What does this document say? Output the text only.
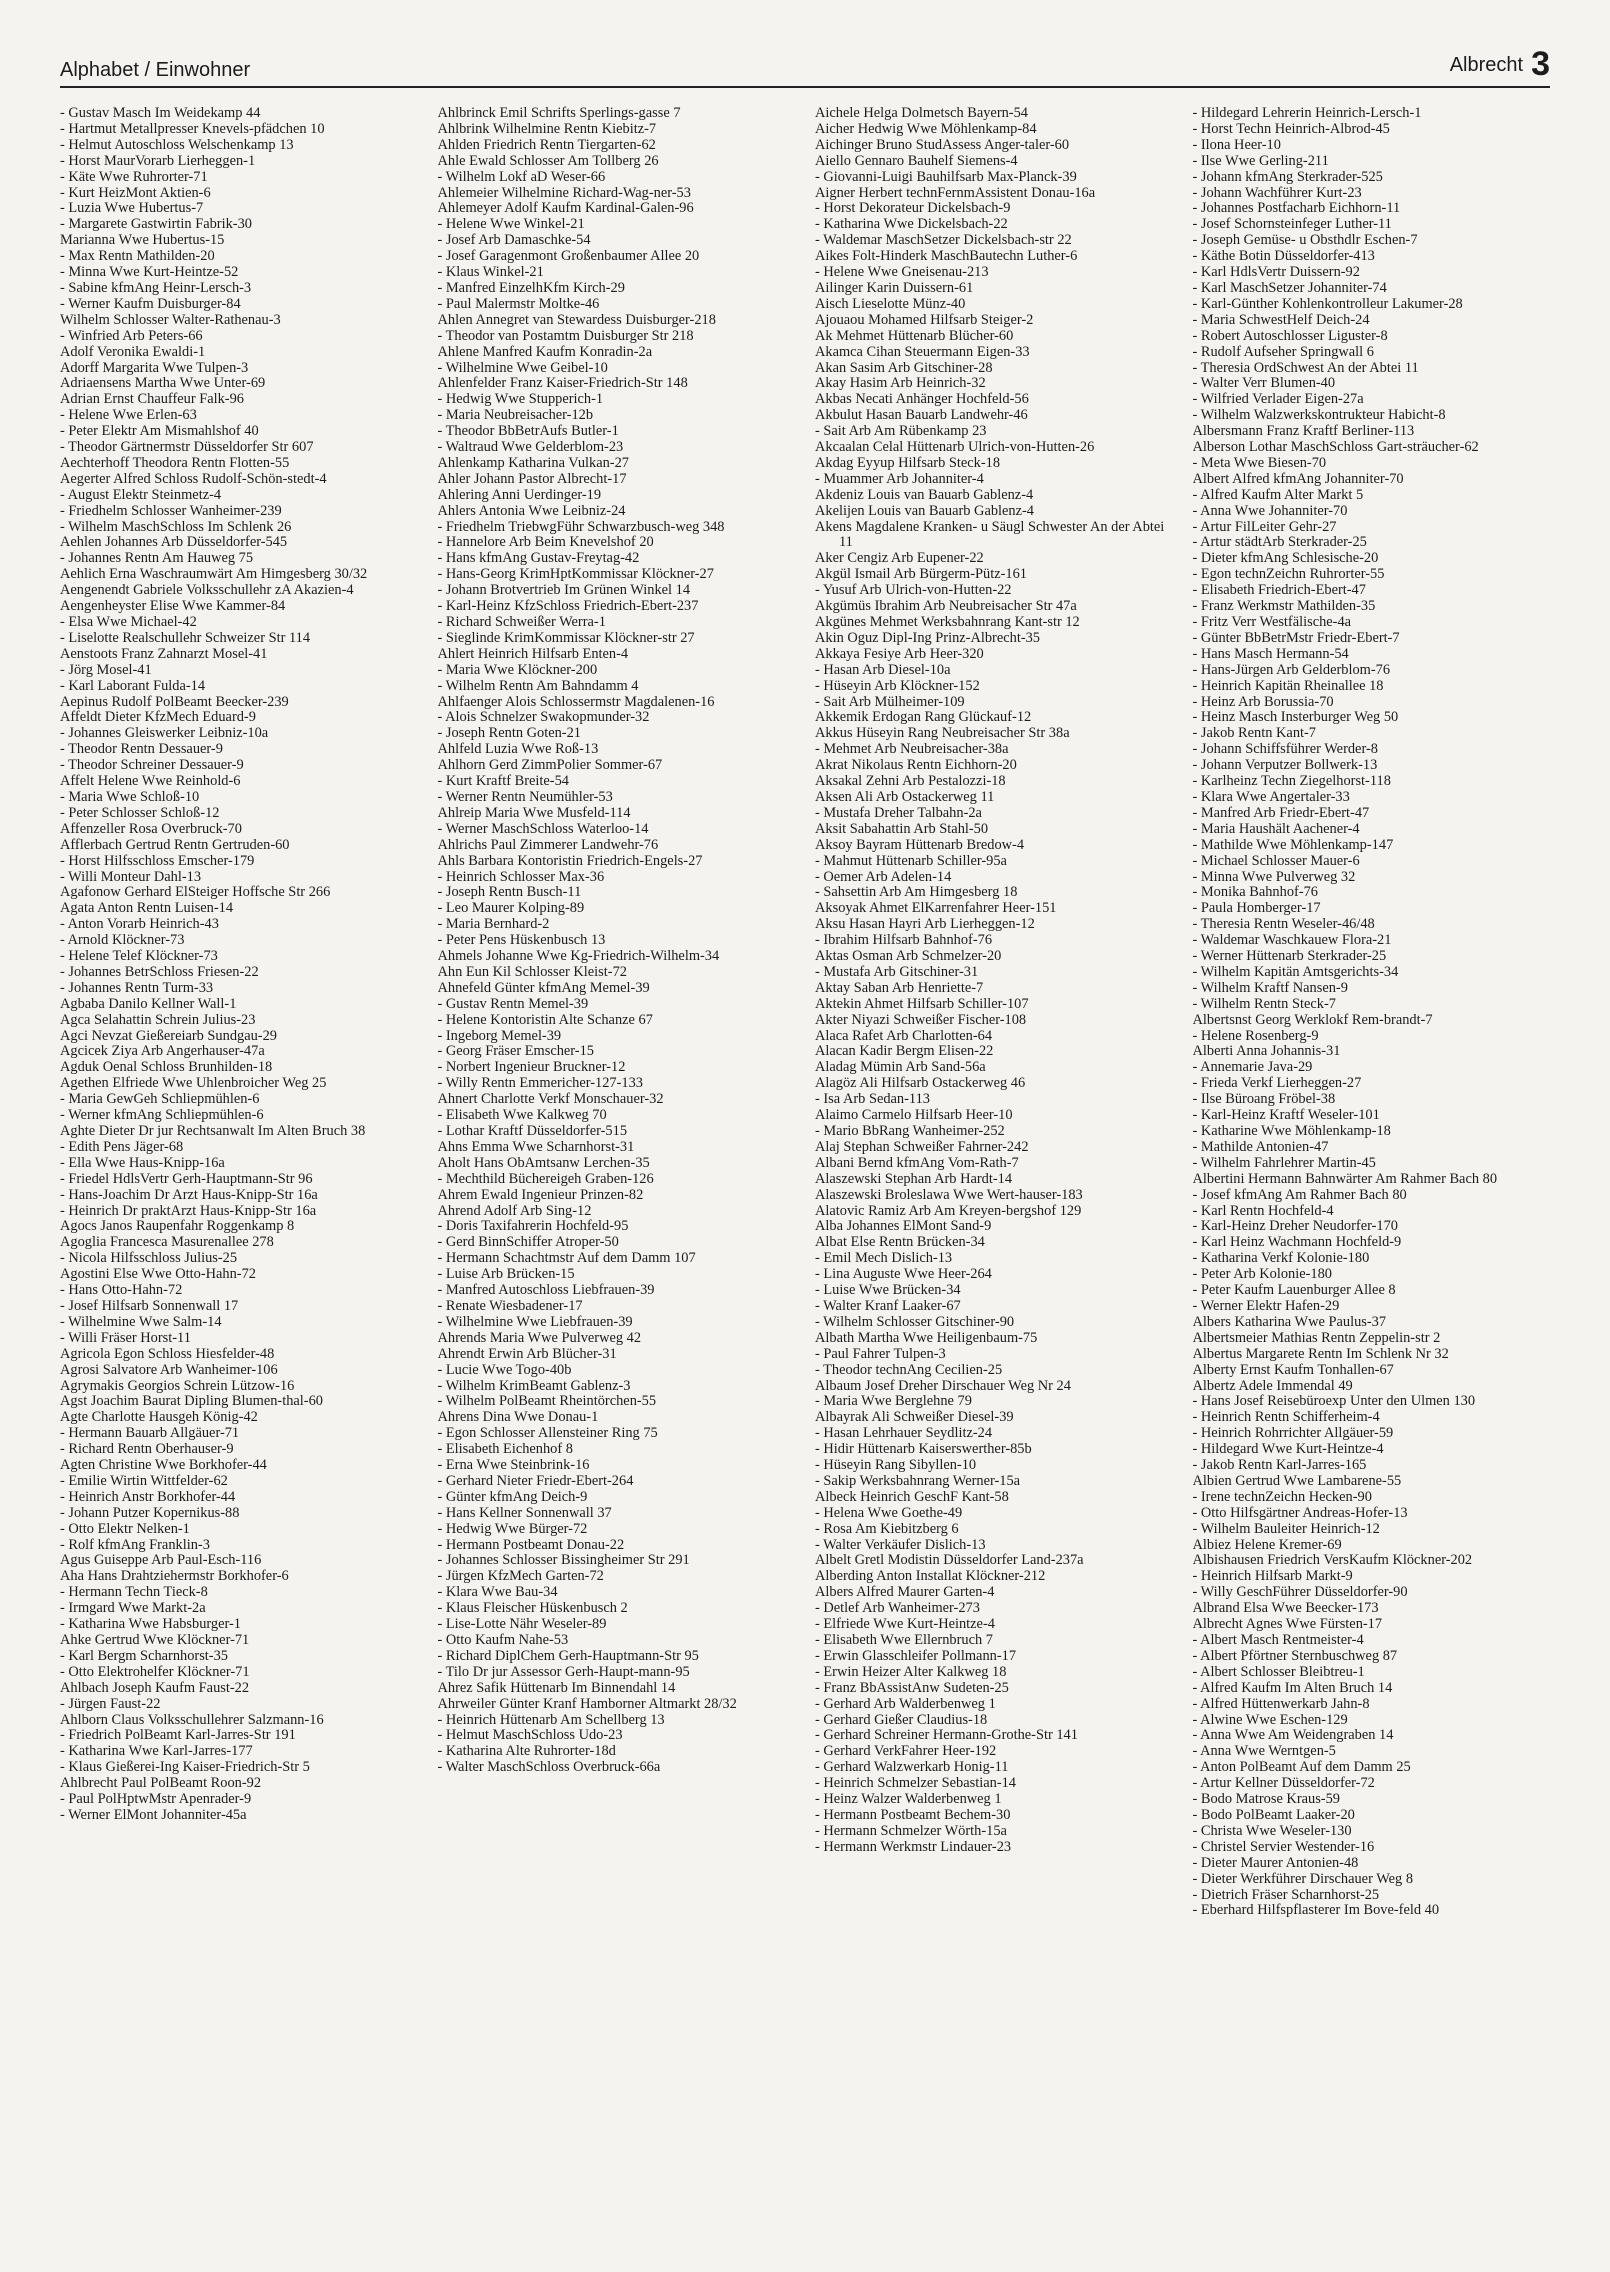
Alphabet / Einwohner	Albrecht 3
- Gustav Masch Im Weidekamp 44
- Hartmut Metallpresser Knevels-pfädchen 10
- Helmut Autoschloss Welschenkamp 13
- Horst MaurVorarb Lierheggen-1
- Käte Wwe Ruhrorter-71
- Kurt HeizMont Aktien-6
- Luzia Wwe Hubertus-7
- Margarete Gastwirtin Fabrik-30
Marianna Wwe Hubertus-15
- Max Rentn Mathilden-20
- Minna Wwe Kurt-Heintze-52
- Sabine kfmAng Heinr-Lersch-3
- Werner Kaufm Duisburger-84
Wilhelm Schlosser Walter-Rathenau-3
- Winfried Arb Peters-66
Adolf Veronika Ewaldi-1
Adorff Margarita Wwe Tulpen-3
Adriaensens Martha Wwe Unter-69
Adrian Ernst Chauffeur Falk-96
- Helene Wwe Erlen-63
- Peter Elektr Am Mismahlshof 40
- Theodor Gärtnermstr Düsseldorfer Str 607
Aechterhoff Theodora Rentn Flotten-55
Aegerter Alfred Schloss Rudolf-Schön-stedt-4
- August Elektr Steinmetz-4
- Friedhelm Schlosser Wanheimer-239
- Wilhelm MaschSchloss Im Schlenk 26
Aehlen Johannes Arb Düsseldorfer-545
- Johannes Rentn Am Hauweg 75
Aehlich Erna Waschraumwärt Am Himgesberg 30/32
Aengenendt Gabriele Volksschullehr zA Akazien-4
Aengenheyster Elise Wwe Kammer-84
- Elsa Wwe Michael-42
- Liselotte Realschullehr Schweizer Str 114
Aenstoots Franz Zahnarzt Mosel-41
- Jörg Mosel-41
- Karl Laborant Fulda-14
Aepinus Rudolf PolBeamt Beecker-239
Affeldt Dieter KfzMech Eduard-9
- Johannes Gleiswerker Leibniz-10a
- Theodor Rentn Dessauer-9
- Theodor Schreiner Dessauer-9
Affelt Helene Wwe Reinhold-6
- Maria Wwe Schloß-10
- Peter Schlosser Schloß-12
Affenzeller Rosa Overbruck-70
Afflerbach Gertrud Rentn Gertruden-60
- Horst Hilfsschloss Emscher-179
- Willi Monteur Dahl-13
Agafonow Gerhard ElSteiger Hoffsche Str 266
Agata Anton Rentn Luisen-14
- Anton Vorarb Heinrich-43
- Arnold Klöckner-73
- Helene Telef Klöckner-73
- Johannes BetrSchloss Friesen-22
- Johannes Rentn Turm-33
Agbaba Danilo Kellner Wall-1
Agca Selahattin Schrein Julius-23
Agci Nevzat Gießereiarb Sundgau-29
Agcicek Ziya Arb Angerhauser-47a
Agduk Oenal Schloss Brunhilden-18
Agethen Elfriede Wwe Uhlenbroicher Weg 25
- Maria GewGeh Schliepmühlen-6
- Werner kfmAng Schliepmühlen-6
Aghte Dieter Dr jur Rechtsanwalt Im Alten Bruch 38
- Edith Pens Jäger-68
- Ella Wwe Haus-Knipp-16a
- Friedel HdlsVertr Gerh-Hauptmann-Str 96
- Hans-Joachim Dr Arzt Haus-Knipp-Str 16a
- Heinrich Dr praktArzt Haus-Knipp-Str 16a
Agocs Janos Raupenfahr Roggenkamp 8
Agoglia Francesca Masurenallee 278
- Nicola Hilfsschloss Julius-25
Agostini Else Wwe Otto-Hahn-72
- Hans Otto-Hahn-72
- Josef Hilfsarb Sonnenwall 17
- Wilhelmine Wwe Salm-14
- Willi Fräser Horst-11
Agricola Egon Schloss Hiesfelder-48
Agrosi Salvatore Arb Wanheimer-106
Agrymakis Georgios Schrein Lützow-16
Agst Joachim Baurat Dipling Blumen-thal-60
Agte Charlotte Hausgeh König-42
- Hermann Bauarb Allgäuer-71
- Richard Rentn Oberhauser-9
Agten Christine Wwe Borkhofer-44
- Emilie Wirtin Wittfelder-62
- Heinrich Anstr Borkhofer-44
- Johann Putzer Kopernikus-88
- Otto Elektr Nelken-1
- Rolf kfmAng Franklin-3
Agus Guiseppe Arb Paul-Esch-116
Aha Hans Drahtziehermstr Borkhofer-6
- Hermann Techn Tieck-8
- Irmgard Wwe Markt-2a
- Katharina Wwe Habsburger-1
Ahke Gertrud Wwe Klöckner-71
- Karl Bergm Scharnhorst-35
- Otto Elektrohelfer Klöckner-71
Ahlbach Joseph Kaufm Faust-22
- Jürgen Faust-22
Ahlborn Claus Volksschullehrer Salzmann-16
- Friedrich PolBeamt Karl-Jarres-Str 191
- Katharina Wwe Karl-Jarres-177
- Klaus Gießerei-Ing Kaiser-Friedrich-Str 5
Ahlbrecht Paul PolBeamt Roon-92
- Paul PolHptwMstr Apenrader-9
- Werner ElMont Johanniter-45a
Ahlbrinck Emil Schrifts Sperlings-gasse 7
Ahlbrink Wilhelmine Rentn Kiebitz-7
Ahlden Friedrich Rentn Tiergarten-62
Ahle Ewald Schlosser Am Tollberg 26
- Wilhelm Lokf aD Weser-66
Ahlemeier Wilhelmine Richard-Wag-ner-53
Ahlemeyer Adolf Kaufm Kardinal-Galen-96
- Helene Wwe Winkel-21
- Josef Arb Damaschke-54
- Josef Garagenmont Großenbaumer Allee 20
- Klaus Winkel-21
- Manfred EinzelhKfm Kirch-29
- Paul Malermstr Moltke-46
Ahlen Annegret van Stewardess Duisburger-218
- Theodor van Postamtm Duisburger Str 218
Ahlene Manfred Kaufm Konradin-2a
- Wilhelmine Wwe Geibel-10
Ahlenfelder Franz Kaiser-Friedrich-Str 148
- Hedwig Wwe Stupperich-1
- Maria Neubreisacher-12b
- Theodor BbBetrAufs Butler-1
- Waltraud Wwe Gelderblom-23
Ahlenkamp Katharina Vulkan-27
Ahler Johann Pastor Albrecht-17
Ahlering Anni Uerdinger-19
Ahlers Antonia Wwe Leibniz-24
- Friedhelm TriebwgFühr Schwarzbusch-weg 348
- Hannelore Arb Beim Knevelshof 20
- Hans kfmAng Gustav-Freytag-42
- Hans-Georg KrimHptKommissar Klöckner-27
- Johann Brotvertrieb Im Grünen Winkel 14
- Karl-Heinz KfzSchloss Friedrich-Ebert-237
- Richard Schweißer Werra-1
- Sieglinde KrimKommissar Klöckner-str 27
Ahlert Heinrich Hilfsarb Enten-4
- Maria Wwe Klöckner-200
- Wilhelm Rentn Am Bahndamm 4
Ahlfaenger Alois Schlossermstr Magdalenen-16
- Alois Schnelzer Swakopmunder-32
- Joseph Rentn Goten-21
Ahlfeld Luzia Wwe Roß-13
Ahlhorn Gerd ZimmPolier Sommer-67
- Kurt Kraftf Breite-54
- Werner Rentn Neumühler-53
Ahlreip Maria Wwe Musfeld-114
- Werner MaschSchloss Waterloo-14
Ahlrichs Paul Zimmerer Landwehr-76
Ahls Barbara Kontoristin Friedrich-Engels-27
- Heinrich Schlosser Max-36
- Joseph Rentn Busch-11
- Leo Maurer Kolping-89
- Maria Bernhard-2
- Peter Pens Hüskenbusch 13
Ahmels Johanne Wwe Kg-Friedrich-Wilhelm-34
Ahn Eun Kil Schlosser Kleist-72
Ahnefeld Günter kfmAng Memel-39
- Gustav Rentn Memel-39
- Helene Kontoristin Alte Schanze 67
- Ingeborg Memel-39
- Georg Fräser Emscher-15
- Norbert Ingenieur Bruckner-12
- Willy Rentn Emmericher-127-133
Ahnert Charlotte Verkf Monschauer-32
- Elisabeth Wwe Kalkweg 70
- Lothar Kraftf Düsseldorfer-515
Ahns Emma Wwe Scharnhorst-31
Aholt Hans ObAmtsanw Lerchen-35
- Mechthild Büchereigeh Graben-126
Ahrem Ewald Ingenieur Prinzen-82
Ahrend Adolf Arb Sing-12
- Doris Taxifahrerin Hochfeld-95
- Gerd BinnSchiffer Atroper-50
- Hermann Schachtmstr Auf dem Damm 107
- Luise Arb Brücken-15
- Manfred Autoschloss Liebfrauen-39
- Renate Wiesbadener-17
- Wilhelmine Wwe Liebfrauen-39
Ahrends Maria Wwe Pulverweg 42
Ahrendt Erwin Arb Blücher-31
- Lucie Wwe Togo-40b
- Wilhelm KrimBeamt Gablenz-3
- Wilhelm PolBeamt Rheintörchen-55
Ahrens Dina Wwe Donau-1
- Egon Schlosser Allensteiner Ring 75
- Elisabeth Eichenhof 8
- Erna Wwe Steinbrink-16
- Gerhard Nieter Friedr-Ebert-264
- Günter kfmAng Deich-9
- Hans Kellner Sonnenwall 37
- Hedwig Wwe Bürger-72
- Hermann Postbeamt Donau-22
- Johannes Schlosser Bissingheimer Str 291
- Jürgen KfzMech Garten-72
- Klara Wwe Bau-34
- Klaus Fleischer Hüskenbusch 2
- Lise-Lotte Nähr Weseler-89
- Otto Kaufm Nahe-53
- Richard DiplChem Gerh-Hauptmann-Str 95
- Tilo Dr jur Assessor Gerh-Haupt-mann-95
Ahrez Safik Hüttenarb Im Binnendahl 14
Ahrweiler Günter Kranf Hamborner Altmarkt 28/32
- Heinrich Hüttenarb Am Schellberg 13
- Helmut MaschSchloss Udo-23
- Katharina Alte Ruhrorter-18d
- Walter MaschSchloss Overbruck-66a
Aichele Helga Dolmetsch Bayern-54
Aicher Hedwig Wwe Möhlenkamp-84
Aichinger Bruno StudAssess Anger-taler-60
Aiello Gennaro Bauhelf Siemens-4
- Giovanni-Luigi Bauhilfsarb Max-Planck-39
Aigner Herbert technFernmAssistent Donau-16a
- Horst Dekorateur Dickelsbach-9
- Katharina Wwe Dickelsbach-22
- Waldemar MaschSetzer Dickelsbach-str 22
Aikes Folt-Hinderk MaschBautechn Luther-6
- Helene Wwe Gneisenau-213
Ailinger Karin Duissern-61
Aisch Lieselotte Münz-40
Ajouaou Mohamed Hilfsarb Steiger-2
Ak Mehmet Hüttenarb Blücher-60
Akamca Cihan Steuermann Eigen-33
Akan Sasim Arb Gitschiner-28
Akay Hasim Arb Heinrich-32
Akbas Necati Anhänger Hochfeld-56
Akbulut Hasan Bauarb Landwehr-46
- Sait Arb Am Rübenkamp 23
Akcaalan Celal Hüttenarb Ulrich-von-Hutten-26
Akdag Eyyup Hilfsarb Steck-18
- Muammer Arb Johanniter-4
Akdeniz Louis van Bauarb Gablenz-4
Akelijen Louis van Bauarb Gablenz-4
Akens Magdalene Kranken- u Säugl Schwester An der Abtei 11
Aker Cengiz Arb Eupener-22
Akgül Ismail Arb Bürgerm-Pütz-161
- Yusuf Arb Ulrich-von-Hutten-22
Akgümüs Ibrahim Arb Neubreisacher Str 47a
Akgünes Mehmet Werksbahnrang Kant-str 12
Akin Oguz Dipl-Ing Prinz-Albrecht-35
Akkaya Fesiye Arb Heer-320
- Hasan Arb Diesel-10a
- Hüseyin Arb Klöckner-152
- Sait Arb Mülheimer-109
Akkemik Erdogan Rang Glückauf-12
Akkus Hüseyin Rang Neubreisacher Str 38a
- Mehmet Arb Neubreisacher-38a
Akrat Nikolaus Rentn Eichhorn-20
Aksakal Zehni Arb Pestalozzi-18
Aksen Ali Arb Ostackerweg 11
- Mustafa Dreher Talbahn-2a
Aksit Sabahattin Arb Stahl-50
Aksoy Bayram Hüttenarb Bredow-4
- Mahmut Hüttenarb Schiller-95a
- Oemer Arb Adelen-14
- Sahsettin Arb Am Himgesberg 18
Aksoyak Ahmet ElKarrenfahrer Heer-151
Aksu Hasan Hayri Arb Lierheggen-12
- Ibrahim Hilfsarb Bahnhof-76
Aktas Osman Arb Schmelzer-20
- Mustafa Arb Gitschiner-31
Aktay Saban Arb Henriette-7
Aktekin Ahmet Hilfsarb Schiller-107
Akter Niyazi Schweißer Fischer-108
Alaca Rafet Arb Charlotten-64
Alacan Kadir Bergm Elisen-22
Aladag Mümin Arb Sand-56a
Alagöz Ali Hilfsarb Ostackerweg 46
- Isa Arb Sedan-113
Alaimo Carmelo Hilfsarb Heer-10
- Mario BbRang Wanheimer-252
Alaj Stephan Schweißer Fahrner-242
Albani Bernd kfmAng Vom-Rath-7
Alaszewski Stephan Arb Hardt-14
Alaszewski Broleslawa Wwe Wert-hauser-183
Alatovic Ramiz Arb Am Kreyen-bergshof 129
Alba Johannes ElMont Sand-9
Albat Else Rentn Brücken-34
- Emil Mech Dislich-13
- Lina Auguste Wwe Heer-264
- Luise Wwe Brücken-34
- Walter Kranf Laaker-67
- Wilhelm Schlosser Gitschiner-90
Albath Martha Wwe Heiligenbaum-75
- Paul Fahrer Tulpen-3
- Theodor technAng Cecilien-25
Albaum Josef Dreher Dirschauer Weg Nr 24
- Maria Wwe Berglehne 79
Albayrak Ali Schweißer Diesel-39
- Hasan Lehrhauer Seydlitz-24
- Hidir Hüttenarb Kaiserswerther-85b
- Hüseyin Rang Sibyllen-10
- Sakip Werksbahnrang Werner-15a
Albeck Heinrich GeschF Kant-58
- Helena Wwe Goethe-49
- Rosa Am Kiebitzberg 6
- Walter Verkäufer Dislich-13
Albelt Gretl Modistin Düsseldorfer Land-237a
Alberding Anton Installat Klöckner-212
Albers Alfred Maurer Garten-4
- Detlef Arb Wanheimer-273
- Elfriede Wwe Kurt-Heintze-4
- Elisabeth Wwe Ellernbruch 7
- Erwin Glasschleifer Pollmann-17
- Erwin Heizer Alter Kalkweg 18
- Franz BbAssistAnw Sudeten-25
- Gerhard Arb Walderbenweg 1
- Gerhard Gießer Claudius-18
- Gerhard Schreiner Hermann-Grothe-Str 141
- Gerhard VerkFahrer Heer-192
- Gerhard Walzwerkarb Honig-11
- Heinrich Schmelzer Sebastian-14
- Heinz Walzer Walderbenweg 1
- Hermann Postbeamt Bechem-30
- Hermann Schmelzer Wörth-15a
- Hermann Werkmstr Lindauer-23
- Hildegard Lehrerin Heinrich-Lersch-1
- Horst Techn Heinrich-Albrod-45
- Ilona Heer-10
- Ilse Wwe Gerling-211
- Johann kfmAng Sterkrader-525
- Johann Wachführer Kurt-23
- Johannes Postfacharb Eichhorn-11
- Josef Schornsteinfeger Luther-11
- Joseph Gemüse- u Obsthdlr Eschen-7
- Käthe Botin Düsseldorfer-413
- Karl HdlsVertr Duissern-92
- Karl MaschSetzer Johanniter-74
- Karl-Günther Kohlenkontrolleur Lakumer-28
- Maria SchwestHelf Deich-24
- Robert Autoschlosser Liguster-8
- Rudolf Aufseher Springwall 6
- Theresia OrdSchwest An der Abtei 11
- Walter Verr Blumen-40
- Wilfried Verlader Eigen-27a
- Wilhelm Walzwerkskontrukteur Habicht-8
Albersmann Franz Kraftf Berliner-113
Alberson Lothar MaschSchloss Gart-sträucher-62
- Meta Wwe Biesen-70
Albert Alfred kfmAng Johanniter-70
- Alfred Kaufm Alter Markt 5
- Anna Wwe Johanniter-70
- Artur FilLeiter Gehr-27
- Artur städtArb Sterkrader-25
- Dieter kfmAng Schlesische-20
- Egon technZeichn Ruhrorter-55
- Elisabeth Friedrich-Ebert-47
- Franz Werkmstr Mathilden-35
- Fritz Verr Westfälische-4a
- Günter BbBetrMstr Friedr-Ebert-7
- Hans Masch Hermann-54
- Hans-Jürgen Arb Gelderblom-76
- Heinrich Kapitän Rheinallee 18
- Heinz Arb Borussia-70
- Heinz Masch Insterburger Weg 50
- Jakob Rentn Kant-7
- Johann Schiffsführer Werder-8
- Johann Verputzer Bollwerk-13
- Karlheinz Techn Ziegelhorst-118
- Klara Wwe Angertaler-33
- Manfred Arb Friedr-Ebert-47
- Maria Haushält Aachener-4
- Mathilde Wwe Möhlenkamp-147
- Michael Schlosser Mauer-6
- Minna Wwe Pulverweg 32
- Monika Bahnhof-76
- Paula Homberger-17
- Theresia Rentn Weseler-46/48
- Waldemar Waschkauew Flora-21
- Werner Hüttenarb Sterkrader-25
- Wilhelm Kapitän Amtsgerichts-34
- Wilhelm Kraftf Nansen-9
- Wilhelm Rentn Steck-7
Albertsnst Georg Werklokf Rem-brandt-7
- Helene Rosenberg-9
Alberti Anna Johannis-31
- Annemarie Java-29
- Frieda Verkf Lierheggen-27
- Ilse Büroang Fröbel-38
- Karl-Heinz Kraftf Weseler-101
- Katharine Wwe Möhlenkamp-18
- Mathilde Antonien-47
- Wilhelm Fahrlehrer Martin-45
Albertini Hermann Bahnwärter Am Rahmer Bach 80
- Josef kfmAng Am Rahmer Bach 80
- Karl Rentn Hochfeld-4
- Karl-Heinz Dreher Neudorfer-170
- Karl Heinz Wachmann Hochfeld-9
- Katharina Verkf Kolonie-180
- Peter Arb Kolonie-180
- Peter Kaufm Lauenburger Allee 8
- Werner Elektr Hafen-29
Albers Katharina Wwe Paulus-37
Albertsmeier Mathias Rentn Zeppelin-str 2
Albertus Margarete Rentn Im Schlenk Nr 32
Alberty Ernst Kaufm Tonhallen-67
Albertz Adele Immendal 49
- Hans Josef Reisebüroexp Unter den Ulmen 130
- Heinrich Rentn Schifferheim-4
- Heinrich Rohrrichter Allgäuer-59
- Hildegard Wwe Kurt-Heintze-4
- Jakob Rentn Karl-Jarres-165
Albien Gertrud Wwe Lambarene-55
- Irene technZeichn Hecken-90
- Otto Hilfsgärtner Andreas-Hofer-13
- Wilhelm Bauleiter Heinrich-12
Albiez Helene Kremer-69
Albishausen Friedrich VersKaufm Klöckner-202
- Heinrich Hilfsarb Markt-9
- Willy GeschFührer Düsseldorfer-90
Albrand Elsa Wwe Beecker-173
Albrecht Agnes Wwe Fürsten-17
- Albert Masch Rentmeister-4
- Albert Pförtner Sternbuschweg 87
- Albert Schlosser Bleibtreu-1
- Alfred Kaufm Im Alten Bruch 14
- Alfred Hüttenwerkarb Jahn-8
- Alwine Wwe Eschen-129
- Anna Wwe Am Weidengraben 14
- Anna Wwe Werntgen-5
- Anton PolBeamt Auf dem Damm 25
- Artur Kellner Düsseldorfer-72
- Bodo Matrose Kraus-59
- Bodo PolBeamt Laaker-20
- Christa Wwe Weseler-130
- Christel Servier Westender-16
- Dieter Maurer Antonien-48
- Dieter Werkführer Dirschauer Weg 8
- Dietrich Fräser Scharnhorst-25
- Eberhard Hilfspflasterer Im Bove-feld 40
